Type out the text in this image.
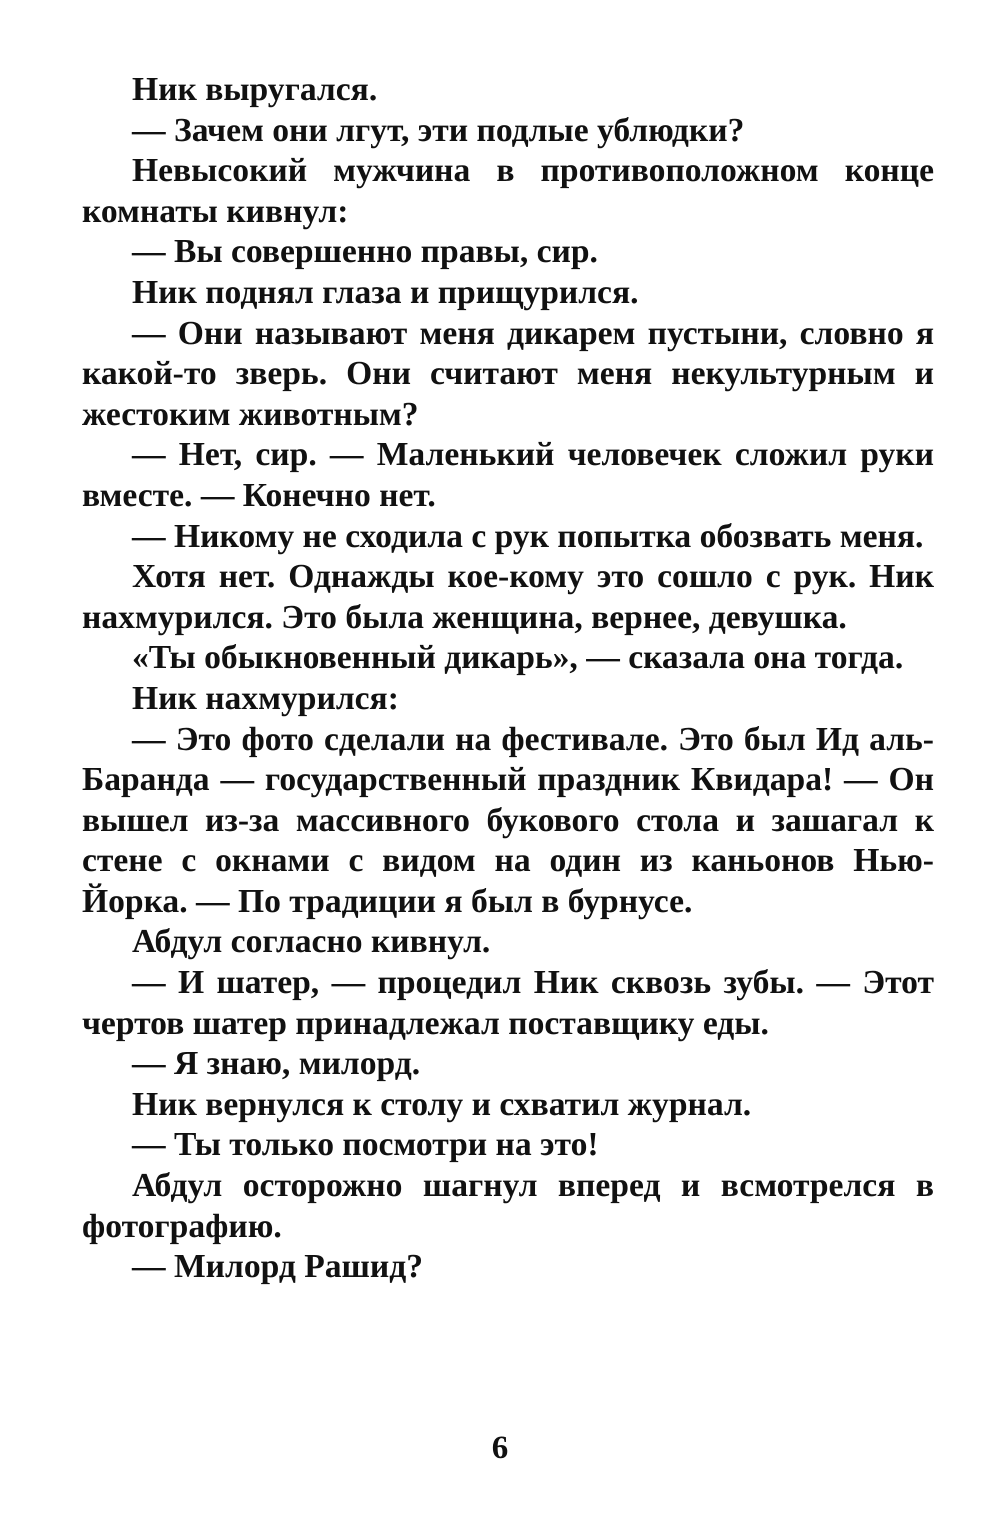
Ник выругался.

— Зачем они лгут, эти подлые ублюдки?

Невысокий мужчина в противоположном конце комнаты кивнул:

— Вы совершенно правы, сир.

Ник поднял глаза и прищурился.

— Они называют меня дикарем пустыни, словно я какой-то зверь. Они считают меня некультурным и жестоким животным?

— Нет, сир. — Маленький человечек сложил руки вместе. — Конечно нет.

— Никому не сходила с рук попытка обозвать меня.

Хотя нет. Однажды кое-кому это сошло с рук. Ник нахмурился. Это была женщина, вернее, девушка.

«Ты обыкновенный дикарь», — сказала она тогда.

Ник нахмурился:

— Это фото сделали на фестивале. Это был Ид аль-Баранда — государственный праздник Квидара! — Он вышел из-за массивного букового стола и зашагал к стене с окнами с видом на один из каньонов Нью-Йорка. — По традиции я был в бурнусе.

Абдул согласно кивнул.

— И шатер, — процедил Ник сквозь зубы. — Этот чертов шатер принадлежал поставщику еды.

— Я знаю, милорд.

Ник вернулся к столу и схватил журнал.

— Ты только посмотри на это!

Абдул осторожно шагнул вперед и всмотрелся в фотографию.

— Милорд Рашид?

6
